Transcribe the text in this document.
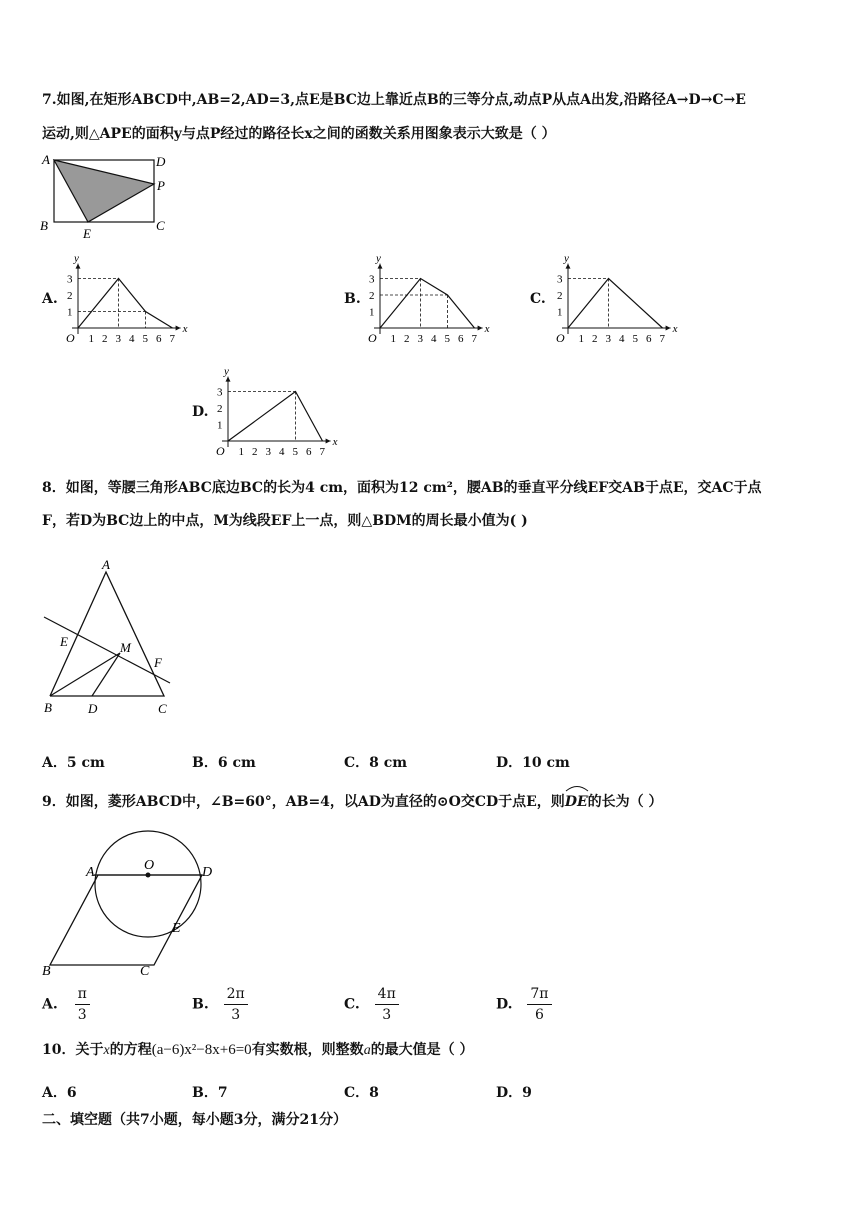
7.如图,在矩形ABCD中,AB=2,AD=3,点E是BC边上靠近点B的三等分点,动点P从点A出发,沿路径A→D→C→E
运动,则△APE的面积y与点P经过的路径长x之间的函数关系用图象表示大致是（ ）
A	D
P
B	C
E
A.	B.	C.
D.
x
y
O 1 2 3 4 5 6 7
1
2
3
x
y
O 1 2 3 4 5 6 7
1
2
3
x
y
O 1 2 3 4 5 6 7
1
2
3
x
y
O 1 2 3 4 5 6 7
1
2
3
8．如图，等腰三角形ABC底边BC的长为4 cm，面积为12 cm²，腰AB的垂直平分线EF交AB于点E，交AC于点
F，若D为BC边上的中点，M为线段EF上一点，则△BDM的周长最小值为( )
A
E	M
F
B	D	C
A．5 cm	B．6 cm	C．8 cm	D．10 cm
9．如图，菱形ABCD中，∠B=60°，AB=4，以AD为直径的⊙O交CD于点E，则
DE的长为（ ）
O
A	D
E
B	C
A. $\frac{\pi}{3}$	B. $\frac{2\pi}{3}$	C. $\frac{4\pi}{3}$	D. $\frac{7\pi}{6}$
10．关于x的方程(a−6)x²−8x+6=0有实数根，则整数a的最大值是（ ）
A．6	B．7	C．8	D．9
二、填空题（共7小题，每小题3分，满分21分）
